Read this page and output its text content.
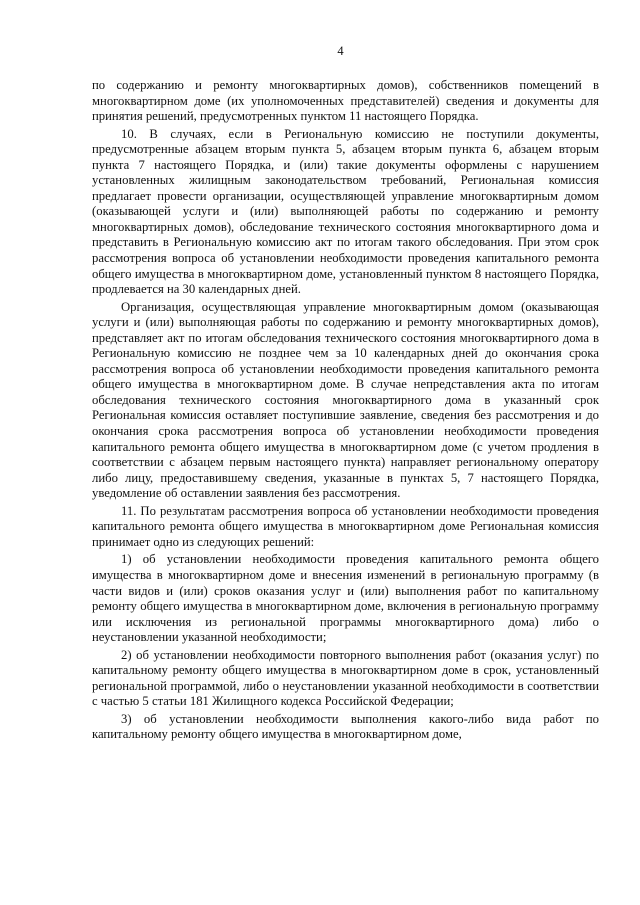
4

по содержанию и ремонту многоквартирных домов), собственников помещений в многоквартирном доме (их уполномоченных представителей) сведения и документы для принятия решений, предусмотренных пунктом 11 настоящего Порядка.

10. В случаях, если в Региональную комиссию не поступили документы, предусмотренные абзацем вторым пункта 5, абзацем вторым пункта 6, абзацем вторым пункта 7 настоящего Порядка, и (или) такие документы оформлены с нарушением установленных жилищным законодательством требований, Региональная комиссия предлагает провести организации, осуществляющей управление многоквартирным домом (оказывающей услуги и (или) выполняющей работы по содержанию и ремонту многоквартирных домов), обследование технического состояния многоквартирного дома и представить в Региональную комиссию акт по итогам такого обследования. При этом срок рассмотрения вопроса об установлении необходимости проведения капитального ремонта общего имущества в многоквартирном доме, установленный пунктом 8 настоящего Порядка, продлевается на 30 календарных дней.

Организация, осуществляющая управление многоквартирным домом (оказывающая услуги и (или) выполняющая работы по содержанию и ремонту многоквартирных домов), представляет акт по итогам обследования технического состояния многоквартирного дома в Региональную комиссию не позднее чем за 10 календарных дней до окончания срока рассмотрения вопроса об установлении необходимости проведения капитального ремонта общего имущества в многоквартирном доме. В случае непредставления акта по итогам обследования технического состояния многоквартирного дома в указанный срок Региональная комиссия оставляет поступившие заявление, сведения без рассмотрения и до окончания срока рассмотрения вопроса об установлении необходимости проведения капитального ремонта общего имущества в многоквартирном доме (с учетом продления в соответствии с абзацем первым настоящего пункта) направляет региональному оператору либо лицу, предоставившему сведения, указанные в пунктах 5, 7 настоящего Порядка, уведомление об оставлении заявления без рассмотрения.

11. По результатам рассмотрения вопроса об установлении необходимости проведения капитального ремонта общего имущества в многоквартирном доме Региональная комиссия принимает одно из следующих решений:

1) об установлении необходимости проведения капитального ремонта общего имущества в многоквартирном доме и внесения изменений в региональную программу (в части видов и (или) сроков оказания услуг и (или) выполнения работ по капитальному ремонту общего имущества в многоквартирном доме, включения в региональную программу или исключения из региональной программы многоквартирного дома) либо о неустановлении указанной необходимости;

2) об установлении необходимости повторного выполнения работ (оказания услуг) по капитальному ремонту общего имущества в многоквартирном доме в срок, установленный региональной программой, либо о неустановлении указанной необходимости в соответствии с частью 5 статьи 181 Жилищного кодекса Российской Федерации;

3) об установлении необходимости выполнения какого-либо вида работ по капитальному ремонту общего имущества в многоквартирном доме,
